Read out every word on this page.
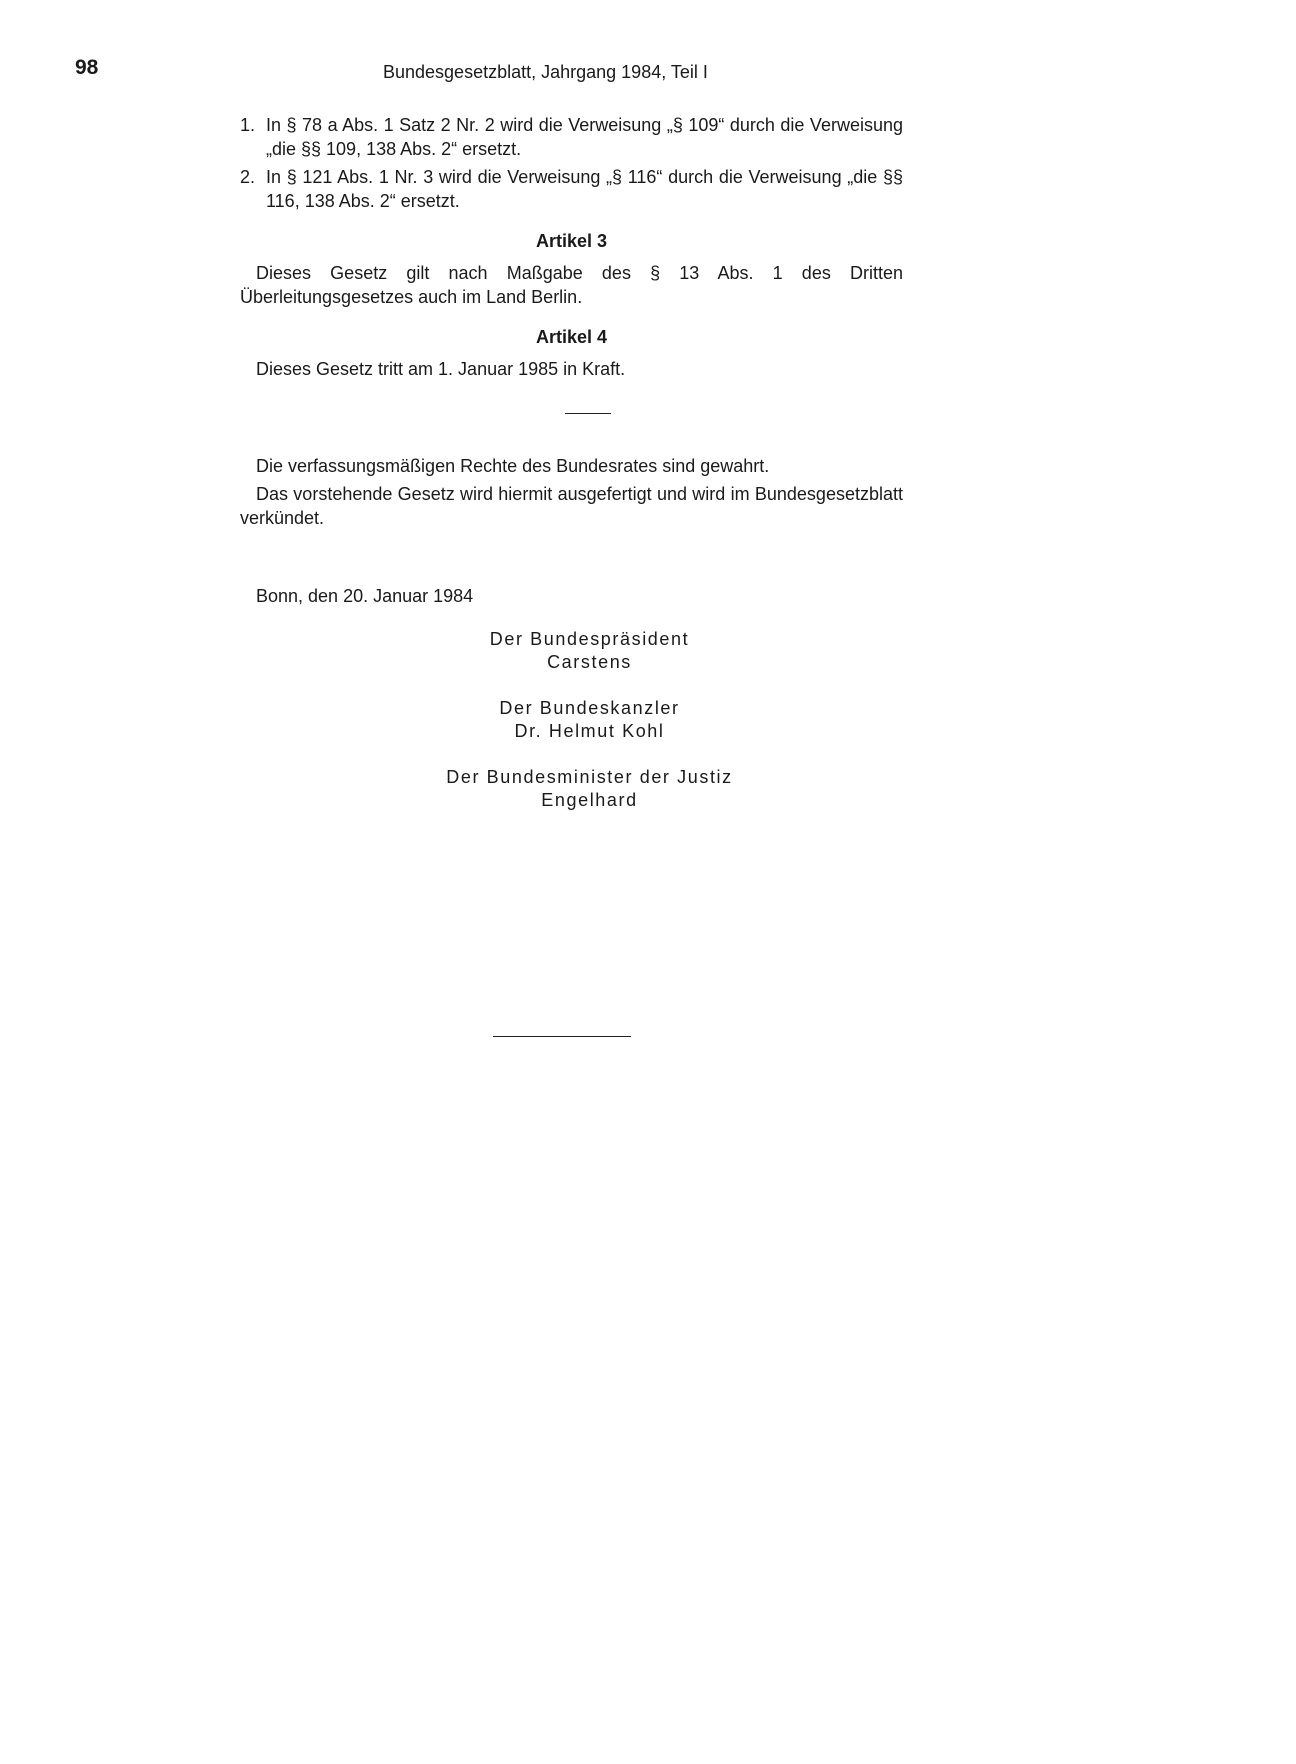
98	Bundesgesetzblatt, Jahrgang 1984, Teil I
1. In § 78 a Abs. 1 Satz 2 Nr. 2 wird die Verweisung „§ 109“ durch die Verweisung „die §§ 109, 138 Abs. 2“ ersetzt.
2. In § 121 Abs. 1 Nr. 3 wird die Verweisung „§ 116“ durch die Verweisung „die §§ 116, 138 Abs. 2“ ersetzt.
Artikel 3

Dieses Gesetz gilt nach Maßgabe des § 13 Abs. 1 des Dritten Überleitungsgesetzes auch im Land Berlin.

Artikel 4

Dieses Gesetz tritt am 1. Januar 1985 in Kraft.

Die verfassungsmäßigen Rechte des Bundesrates sind gewahrt.

Das vorstehende Gesetz wird hiermit ausgefertigt und wird im Bundesgesetzblatt verkündet.

Bonn, den 20. Januar 1984
Der Bundespräsident
Carstens
Der Bundeskanzler
Dr. Helmut Kohl
Der Bundesminister der Justiz
Engelhard
